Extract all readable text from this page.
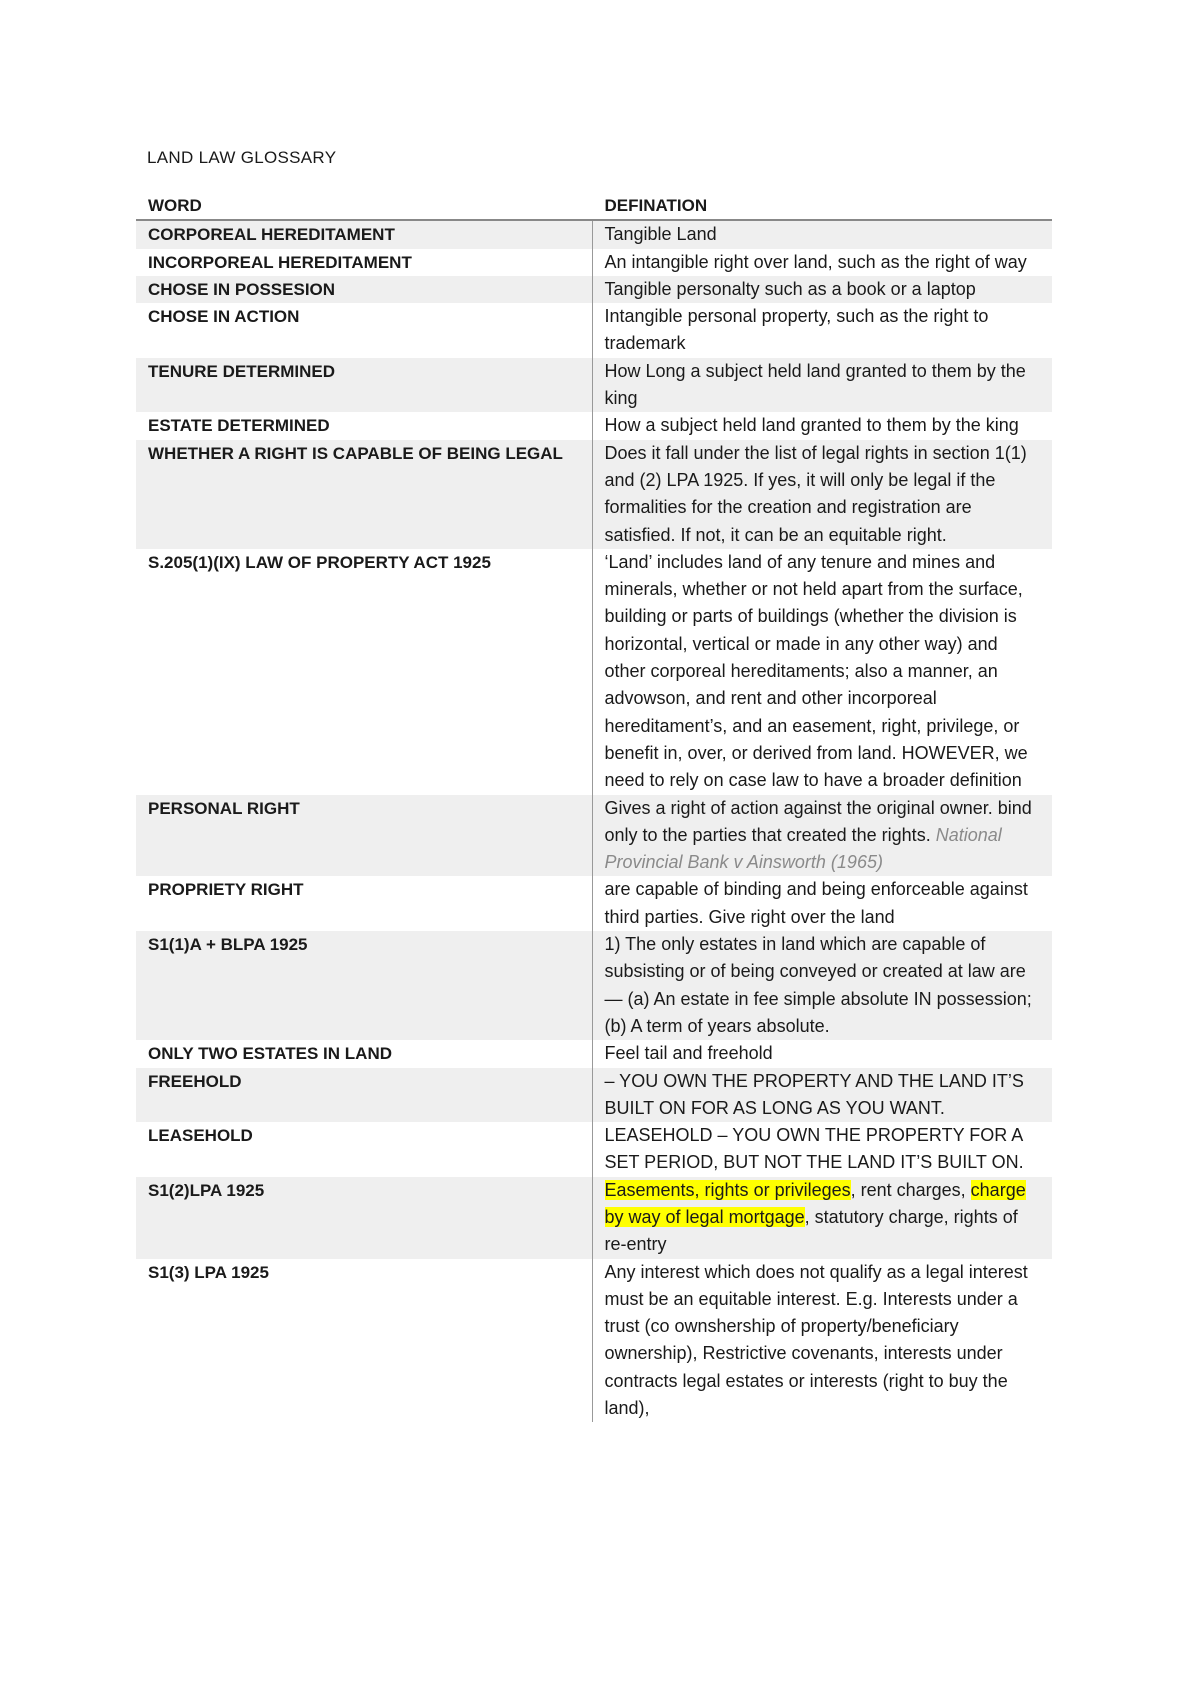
LAND LAW GLOSSARY
WORD	DEFINATION
CORPOREAL HEREDITAMENT	Tangible Land
INCORPOREAL HEREDITAMENT	An intangible right over land, such as the right of way
CHOSE IN POSSESION	Tangible personalty such as a book or a laptop
CHOSE IN ACTION	Intangible personal property, such as the right to trademark
TENURE DETERMINED	How Long a subject held land granted to them by the king
ESTATE DETERMINED	How a subject held land granted to them by the king
WHETHER A RIGHT IS CAPABLE OF BEING LEGAL	Does it fall under the list of legal rights in section 1(1) and (2) LPA 1925. If yes, it will only be legal if the formalities for the creation and registration are satisfied. If not, it can be an equitable right.
S.205(1)(IX) LAW OF PROPERTY ACT 1925	‘Land’ includes land of any tenure and mines and minerals, whether or not held apart from the surface, building or parts of buildings (whether the division is horizontal, vertical or made in any other way) and other corporeal hereditaments; also a manner, an advowson, and rent and other incorporeal hereditament’s, and an easement, right, privilege, or benefit in, over, or derived from land. HOWEVER, we need to rely on case law to have a broader definition
PERSONAL RIGHT	Gives a right of action against the original owner. bind only to the parties that created the rights. National Provincial Bank v Ainsworth (1965)
PROPRIETY RIGHT	are capable of binding and being enforceable against third parties. Give right over the land
S1(1)A + BLPA 1925	1) The only estates in land which are capable of subsisting or of being conveyed or created at law are— (a) An estate in fee simple absolute IN possession;(b) A term of years absolute.
ONLY TWO ESTATES IN LAND	Feel tail and freehold
FREEHOLD	– YOU OWN THE PROPERTY AND THE LAND IT’S BUILT ON FOR AS LONG AS YOU WANT.
LEASEHOLD	LEASEHOLD – YOU OWN THE PROPERTY FOR A SET PERIOD, BUT NOT THE LAND IT’S BUILT ON.
S1(2)LPA 1925	Easements, rights or privileges, rent charges, charge by way of legal mortgage, statutory charge, rights of re-entry
S1(3) LPA 1925	Any interest which does not qualify as a legal interest must be an equitable interest. E.g. Interests under a trust (co ownshership of property/beneficiary ownership), Restrictive covenants, interests under contracts legal estates or interests (right to buy the land),
